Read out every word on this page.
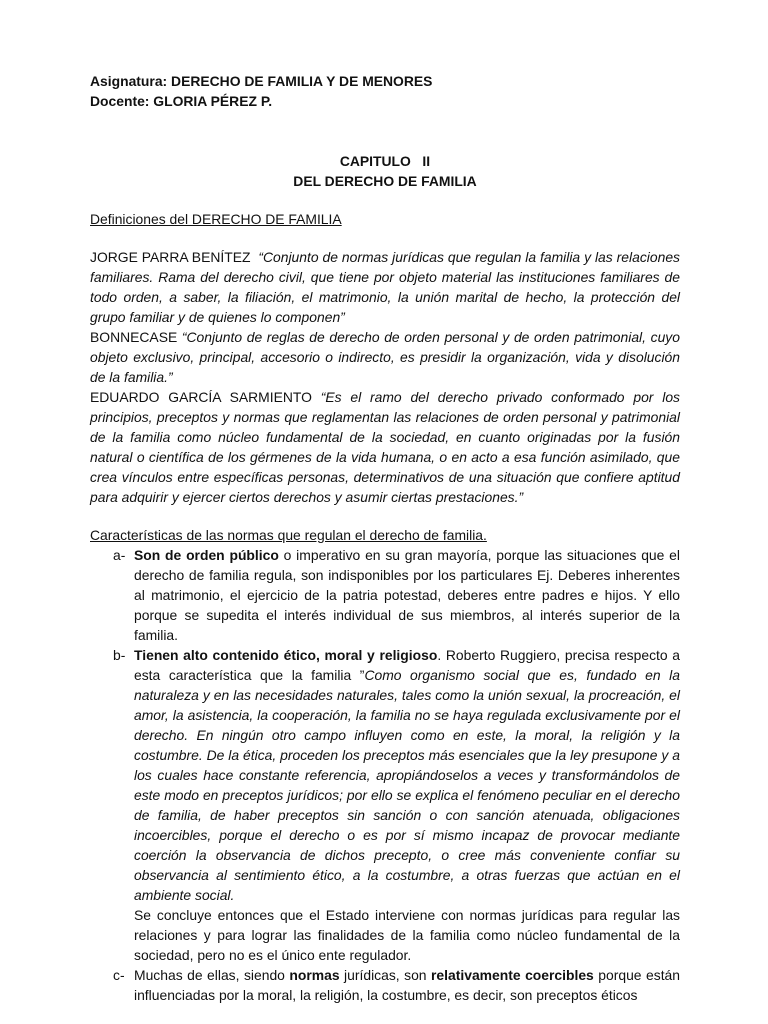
Asignatura: DERECHO DE FAMILIA Y DE MENORES
Docente: GLORIA PÉREZ P.
CAPITULO   II
DEL DERECHO DE FAMILIA
Definiciones del DERECHO DE FAMILIA

JORGE PARRA BENÍTEZ  “Conjunto de normas jurídicas que regulan la familia y las relaciones familiares. Rama del derecho civil, que tiene por objeto material las instituciones familiares de todo orden, a saber, la filiación, el matrimonio, la unión marital de hecho, la protección del grupo familiar y de quienes lo componen”

BONNECASE “Conjunto de reglas de derecho de orden personal y de orden patrimonial, cuyo objeto exclusivo, principal, accesorio o indirecto, es presidir la organización, vida y disolución de la familia.”

EDUARDO GARCÍA SARMIENTO “Es el ramo del derecho privado conformado por los principios, preceptos y normas que reglamentan las relaciones de orden personal y patrimonial de la familia como núcleo fundamental de la sociedad, en cuanto originadas por la fusión natural o científica de los gérmenes de la vida humana, o en acto a esa función asimilado, que crea vínculos entre específicas personas, determinativos de una situación que confiere aptitud para adquirir y ejercer ciertos derechos y asumir ciertas prestaciones.”

Características de las normas que regulan el derecho de familia.
a- Son de orden público o imperativo en su gran mayoría, porque las situaciones que el derecho de familia regula, son indisponibles por los particulares Ej. Deberes inherentes al matrimonio, el ejercicio de la patria potestad, deberes entre padres e hijos. Y ello porque se supedita el interés individual de sus miembros, al interés superior de la familia.
b- Tienen alto contenido ético, moral y religioso. Roberto Ruggiero, precisa respecto a esta característica que la familia ”Como organismo social que es, fundado en la naturaleza y en las necesidades naturales, tales como la unión sexual, la procreación, el amor, la asistencia, la cooperación, la familia no se haya regulada exclusivamente por el derecho. En ningún otro campo influyen como en este, la moral, la religión y la costumbre. De la ética, proceden los preceptos más esenciales que la ley presupone y a los cuales hace constante referencia, apropiándoselos a veces y transformándolos de este modo en preceptos jurídicos; por ello se explica el fenómeno peculiar en el derecho de familia, de haber preceptos sin sanción o con sanción atenuada, obligaciones incoercibles, porque el derecho o es por sí mismo incapaz de provocar mediante coerción la observancia de dichos precepto, o cree más conveniente confiar su observancia al sentimiento ético, a la costumbre, a otras fuerzas que actúan en el ambiente social.

Se concluye entonces que el Estado interviene con normas jurídicas para regular las relaciones y para lograr las finalidades de la familia como núcleo fundamental de la sociedad, pero no es el único ente regulador.

c- Muchas de ellas, siendo normas jurídicas, son relativamente coercibles porque están influenciadas por la moral, la religión, la costumbre, es decir, son preceptos éticos
